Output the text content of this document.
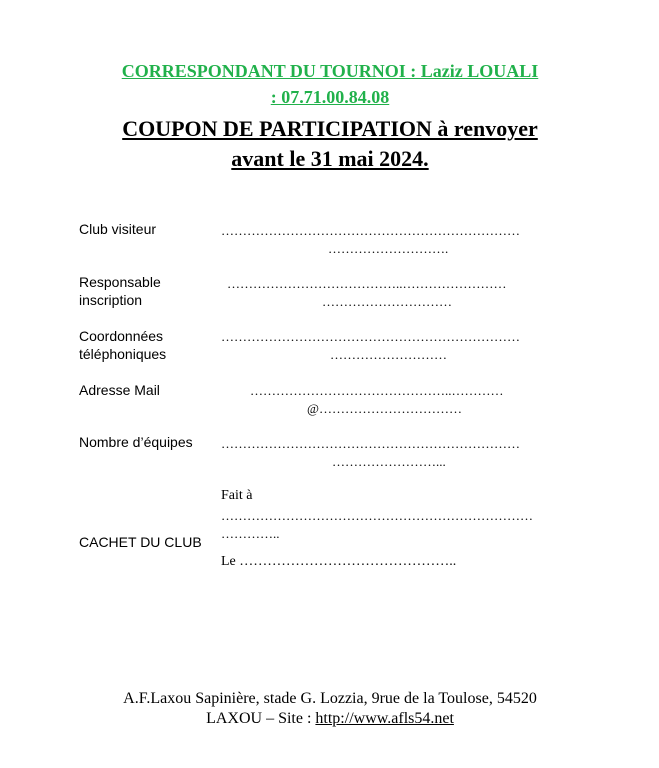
CORRESPONDANT DU TOURNOI : Laziz LOUALI
: 07.71.00.84.08
COUPON DE PARTICIPATION à renvoyer
avant le 31 mai 2024.
Club visiteur	……………………………………………………………
……………………….
Responsable
inscription
…………………………………..……………………
…………………………
Coordonnées
téléphoniques
……………………………………………………………
………………………
Adresse Mail	………………………………………..…………
@……………………………
Nombre d’équipes ……………………………………………………………
……………………...
Fait à
………………………………………………………………
…………..
CACHET DU CLUB
Le ………………………………………..
A.F.Laxou Sapinière, stade G. Lozzia, 9rue de la Toulose, 54520
LAXOU – Site : http://www.afls54.net
